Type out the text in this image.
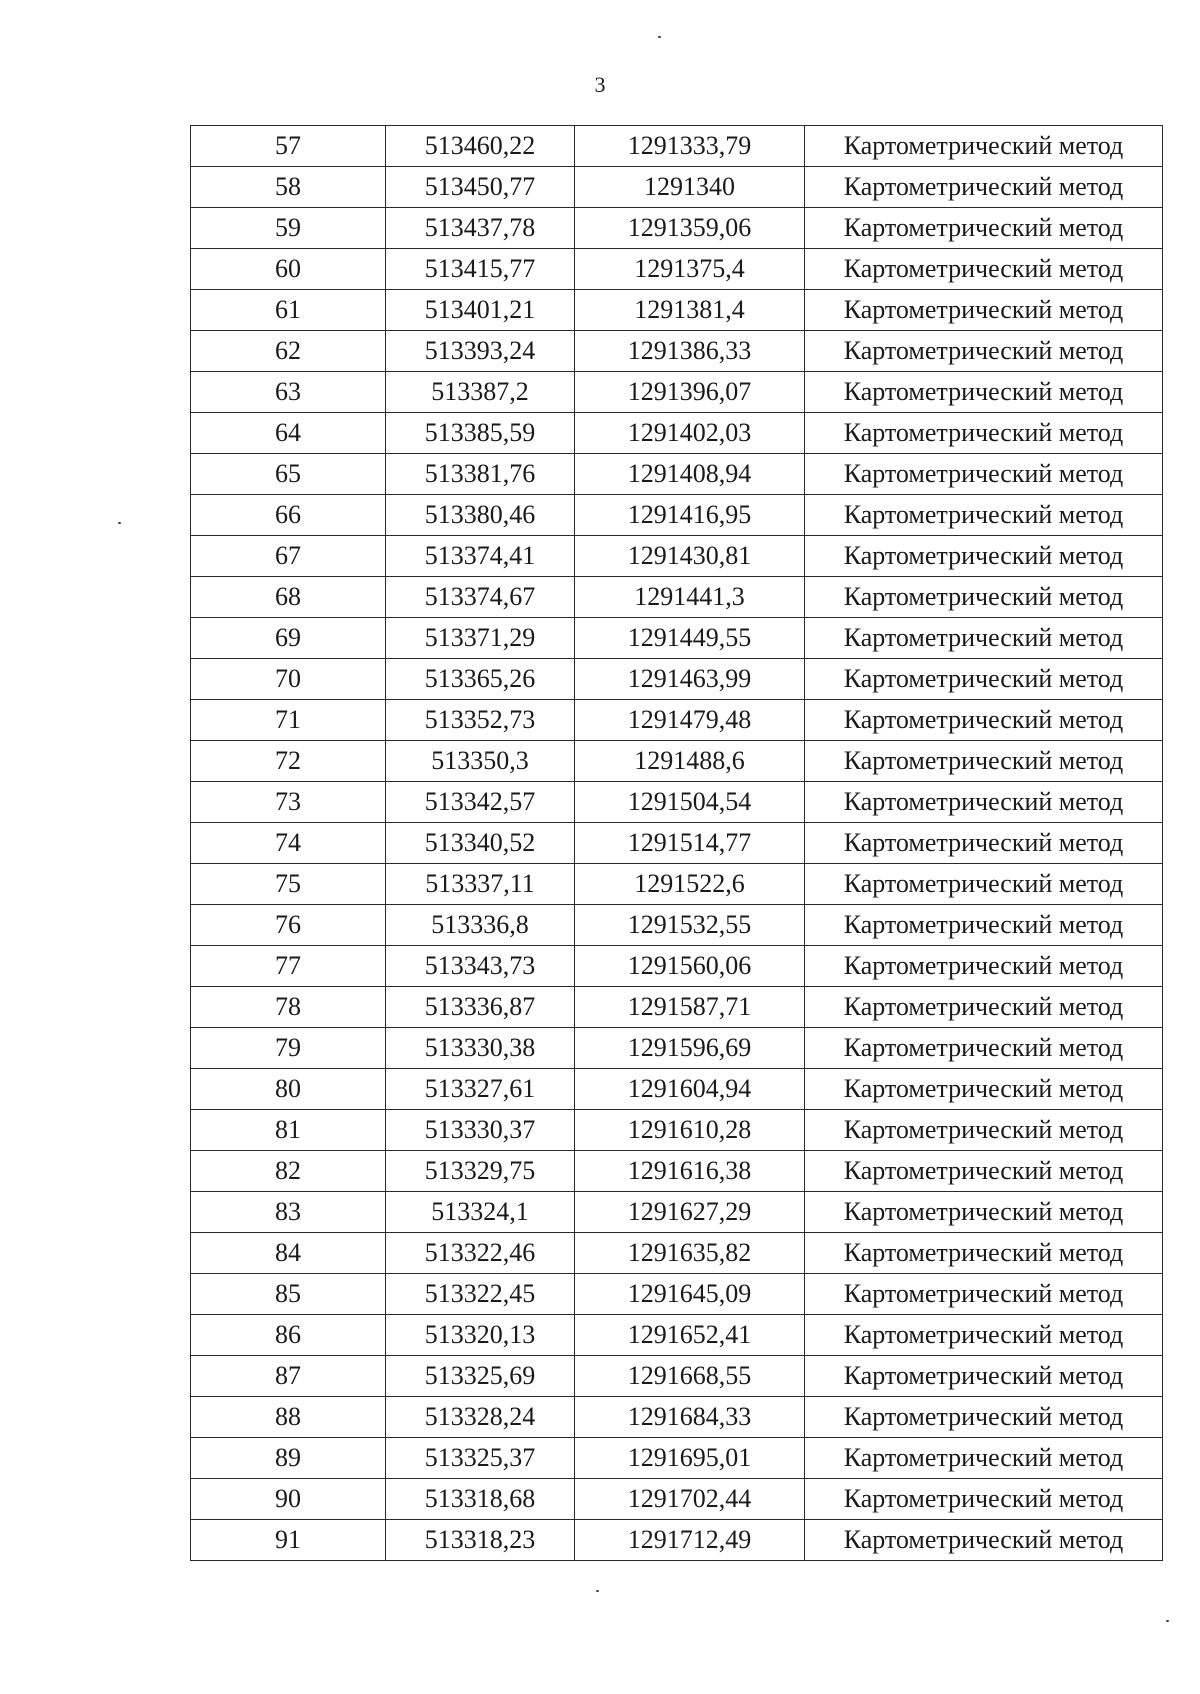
3
57	513460,22	1291333,79	Картометрический метод
58	513450,77	1291340	Картометрический метод
59	513437,78	1291359,06	Картометрический метод
60	513415,77	1291375,4	Картометрический метод
61	513401,21	1291381,4	Картометрический метод
62	513393,24	1291386,33	Картометрический метод
63	513387,2	1291396,07	Картометрический метод
64	513385,59	1291402,03	Картометрический метод
65	513381,76	1291408,94	Картометрический метод
66	513380,46	1291416,95	Картометрический метод
67	513374,41	1291430,81	Картометрический метод
68	513374,67	1291441,3	Картометрический метод
69	513371,29	1291449,55	Картометрический метод
70	513365,26	1291463,99	Картометрический метод
71	513352,73	1291479,48	Картометрический метод
72	513350,3	1291488,6	Картометрический метод
73	513342,57	1291504,54	Картометрический метод
74	513340,52	1291514,77	Картометрический метод
75	513337,11	1291522,6	Картометрический метод
76	513336,8	1291532,55	Картометрический метод
77	513343,73	1291560,06	Картометрический метод
78	513336,87	1291587,71	Картометрический метод
79	513330,38	1291596,69	Картометрический метод
80	513327,61	1291604,94	Картометрический метод
81	513330,37	1291610,28	Картометрический метод
82	513329,75	1291616,38	Картометрический метод
83	513324,1	1291627,29	Картометрический метод
84	513322,46	1291635,82	Картометрический метод
85	513322,45	1291645,09	Картометрический метод
86	513320,13	1291652,41	Картометрический метод
87	513325,69	1291668,55	Картометрический метод
88	513328,24	1291684,33	Картометрический метод
89	513325,37	1291695,01	Картометрический метод
90	513318,68	1291702,44	Картометрический метод
91	513318,23	1291712,49	Картометрический метод
